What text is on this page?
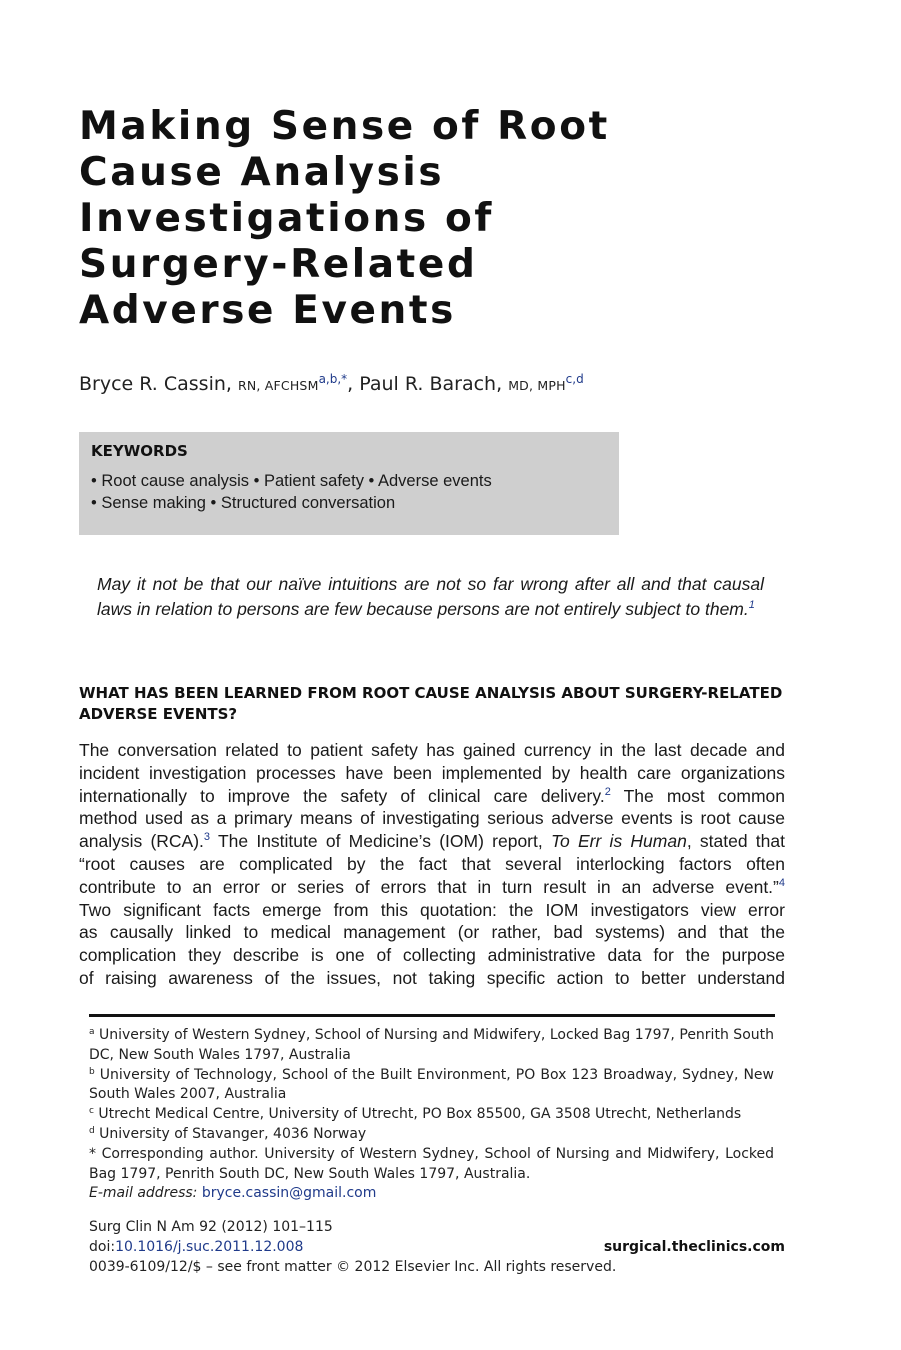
Making Sense of Root
Cause Analysis
Investigations of
Surgery-Related
Adverse Events
Bryce R. Cassin, RN, $AFCHSM^{a,b,*}$, Paul R. Barach, MD, MPH$^{c,d}$
KEYWORDS
• Root cause analysis • Patient safety • Adverse events
• Sense making • Structured conversation
May it not be that our naïve intuitions are not so far wrong after all and that causal laws in relation to persons are few because persons are not entirely subject to them.$^1$
WHAT HAS BEEN LEARNED FROM ROOT CAUSE ANALYSIS ABOUT SURGERY-RELATED ADVERSE EVENTS?
The conversation related to patient safety has gained currency in the last decade and
incident investigation processes have been implemented by health care organizations
internationally to improve the safety of clinical care delivery.$^2$ The most common
method used as a primary means of investigating serious adverse events is root cause
analysis (RCA).$^3$ The Institute of Medicine’s (IOM) report, To Err is Human, stated that
“root causes are complicated by the fact that several interlocking factors often
contribute to an error or series of errors that in turn result in an adverse event.”$^4$
Two significant facts emerge from this quotation: the IOM investigators view error
as causally linked to medical management (or rather, bad systems) and that the
complication they describe is one of collecting administrative data for the purpose
of raising awareness of the issues, not taking specific action to better understand
$^a$ University of Western Sydney, School of Nursing and Midwifery, Locked Bag 1797, Penrith South DC, New South Wales 1797, Australia
$^b$ University of Technology, School of the Built Environment, PO Box 123 Broadway, Sydney, New South Wales 2007, Australia
$^c$ Utrecht Medical Centre, University of Utrecht, PO Box 85500, GA 3508 Utrecht, Netherlands
$^d$ University of Stavanger, 4036 Norway
* Corresponding author. University of Western Sydney, School of Nursing and Midwifery, Locked Bag 1797, Penrith South DC, New South Wales 1797, Australia.
E-mail address: bryce.cassin@gmail.com
Surg Clin N Am 92 (2012) 101–115
doi:10.1016/j.suc.2011.12.008	surgical.theclinics.com
0039-6109/12/$ – see front matter © 2012 Elsevier Inc. All rights reserved.
